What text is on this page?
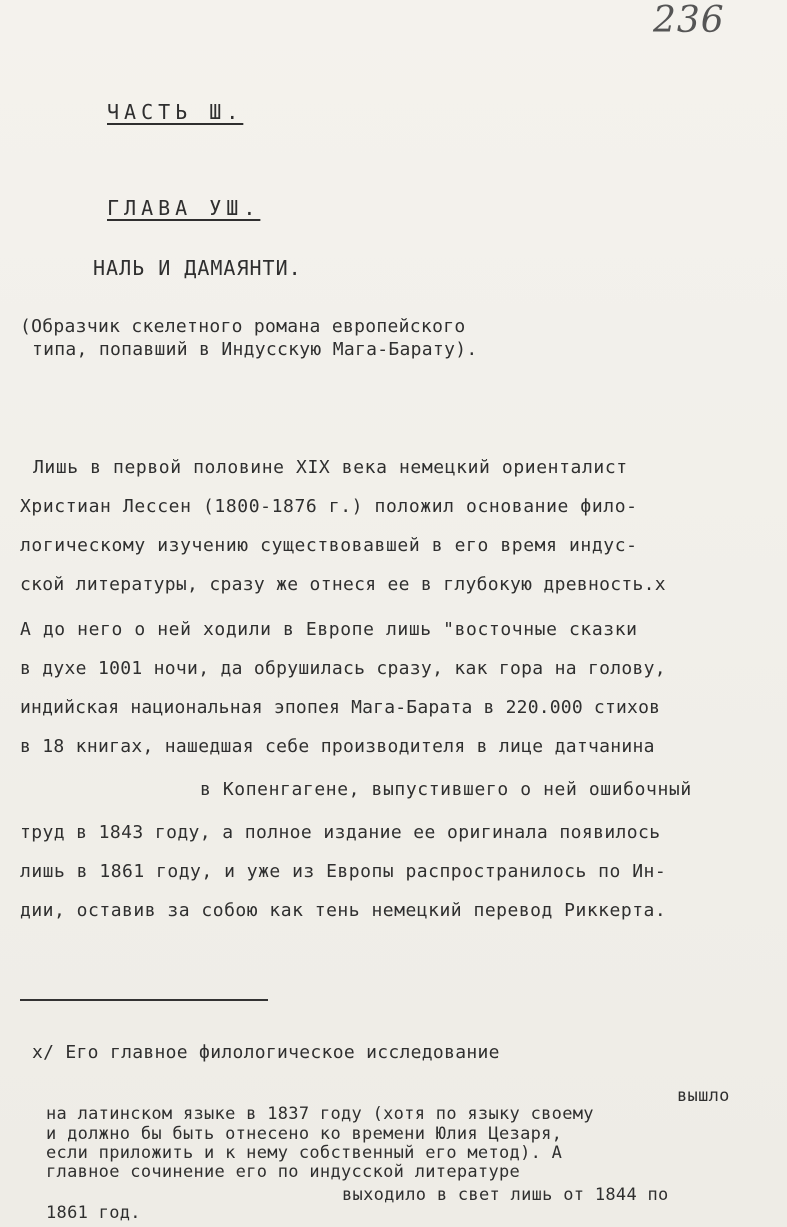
236
ЧАСТЬ Ш.
ГЛАВА УШ.
НАЛЬ И ДАМАЯНТИ.
(Образчик скелетного романа европейского
типа, попавший в Индусскую Мага-Барату).
Лишь в первой половине XIX века немецкий ориенталист
Христиан Лессен (1800-1876 г.) положил основание фило-
логическому изучению существовавшей в его время индус-
ской литературы, сразу же отнеся ее в глубокую древность.x
А до него о ней ходили в Европе лишь "восточные сказки
в духе 1001 ночи, да обрушилась сразу, как гора на голову,
индийская национальная эпопея Мага-Барата в 220.000 стихов
в 18 книгах, нашедшая себе производителя в лице датчанина
в Копенгагене, выпустившего о ней ошибочный
труд в 1843 году, а полное издание ее оригинала появилось
лишь в 1861 году, и уже из Европы распространилось по Ин-
дии, оставив за собою как тень немецкий перевод Риккерта.
x/ Его главное филологическое исследование
вышло
на латинском языке в 1837 году (хотя по языку своему
и должно бы быть отнесено ко времени Юлия Цезаря,
если приложить и к нему собственный его метод). А
главное сочинение его по индусской литературе
выходило в свет лишь от 1844 по
1861 год.
